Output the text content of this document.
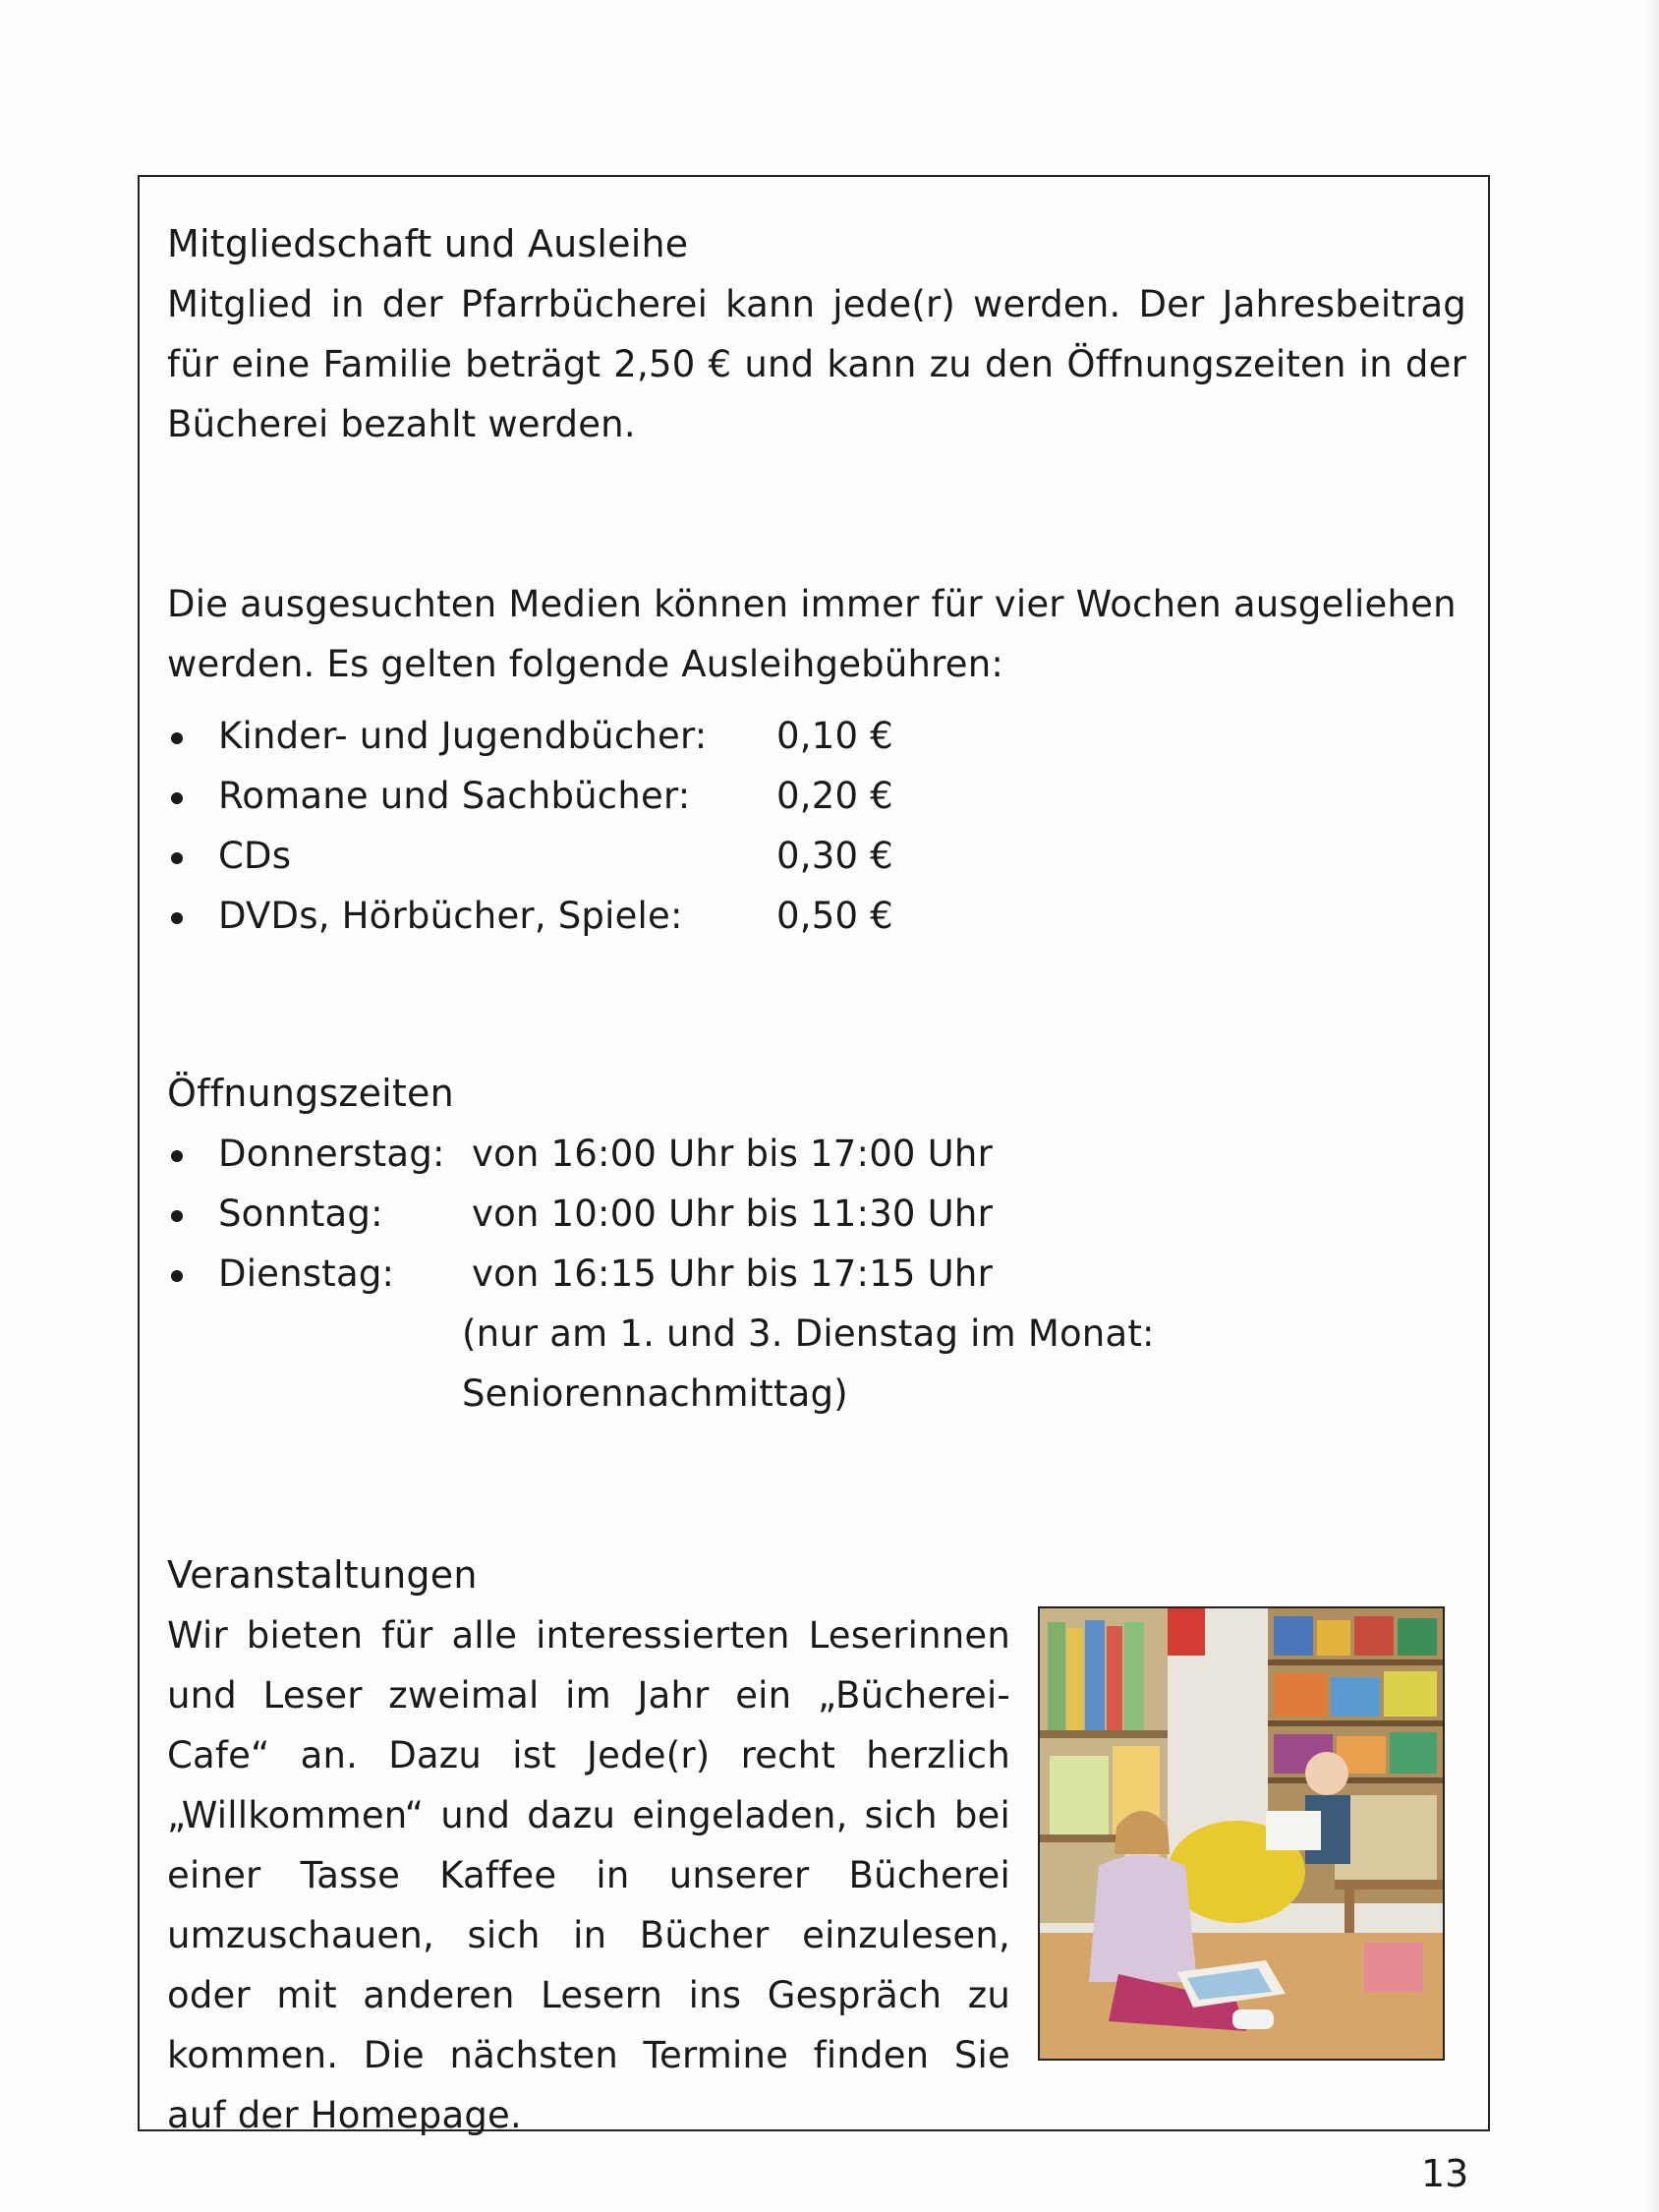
Mitgliedschaft und Ausleihe

Mitglied in der Pfarrbücherei kann jede(r) werden. Der Jahresbeitrag für eine Familie beträgt 2,50 € und kann zu den Öffnungszeiten in der Bücherei bezahlt werden.

Die ausgesuchten Medien können immer für vier Wochen ausgeliehen werden. Es gelten folgende Ausleihgebühren:

Kinder- und Jugendbücher: 0,10 €
Romane und Sachbücher: 0,20 €
CDs	0,30 €
DVDs, Hörbücher, Spiele:	0,50 €
Öffnungszeiten
Donnerstag: von 16:00 Uhr bis 17:00 Uhr
Sonntag: von 10:00 Uhr bis 11:30 Uhr
Dienstag: von 16:15 Uhr bis 17:15 Uhr

(nur am 1. und 3. Dienstag im Monat:
Seniorennachmittag)

Veranstaltungen

Wir bieten für alle interessierten Leserinnen und Leser zweimal im Jahr ein „Bücherei-Cafe“ an. Dazu ist Jede(r) recht herzlich „Willkommen“ und dazu eingeladen, sich bei einer Tasse Kaffee in unserer Bücherei umzuschauen, sich in Bücher einzulesen, oder mit anderen Lesern ins Gespräch zu kommen. Die nächsten Termine finden Sie auf der Homepage.

13
